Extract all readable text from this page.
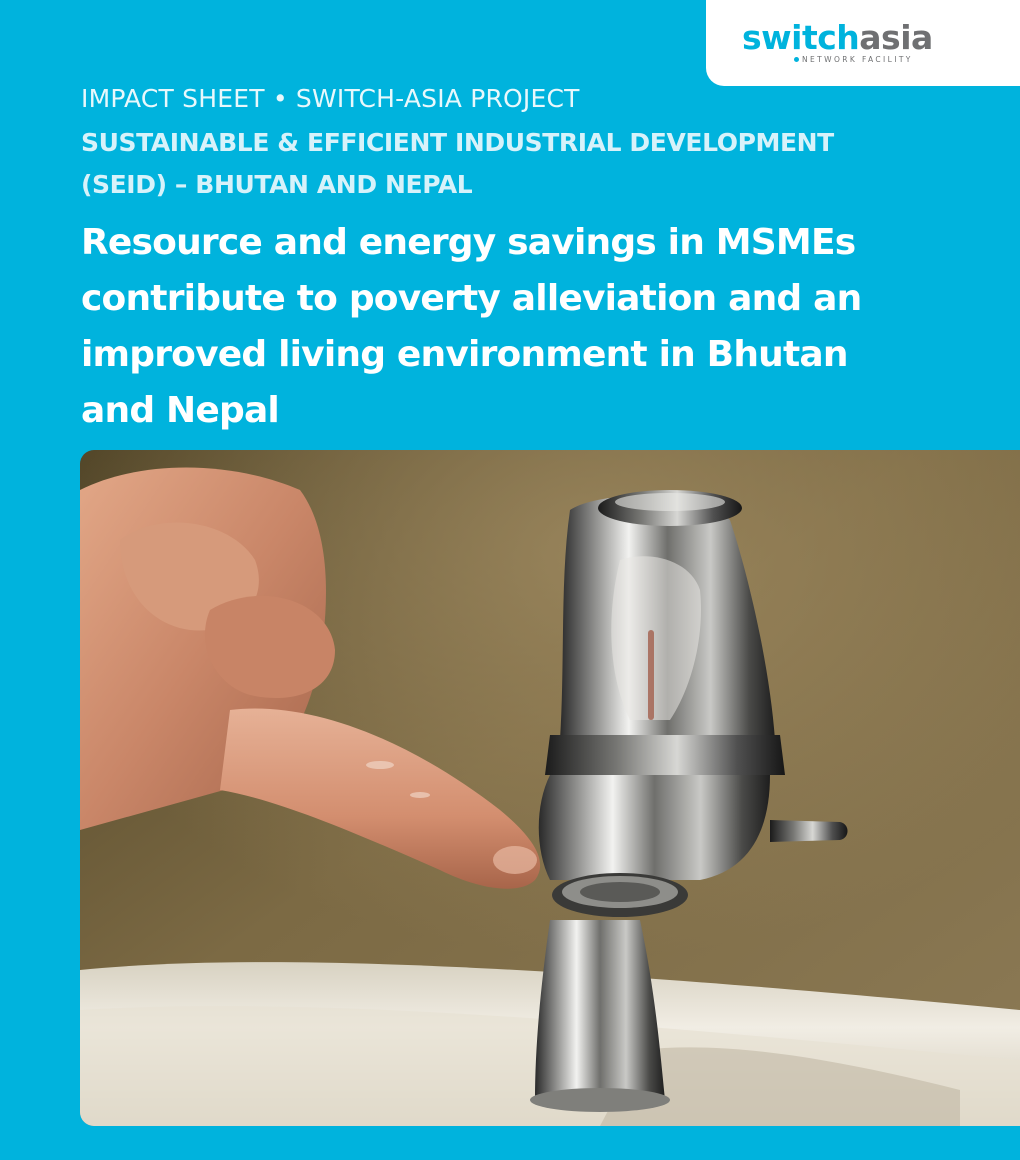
switchasia
NETWORK FACILITY
IMPACT SHEET • SWITCH-ASIA PROJECT
SUSTAINABLE & EFFICIENT INDUSTRIAL DEVELOPMENT
(SEID) – BHUTAN AND NEPAL
Resource and energy savings in MSMEs
contribute to poverty alleviation and an
improved living environment in Bhutan
and Nepal
